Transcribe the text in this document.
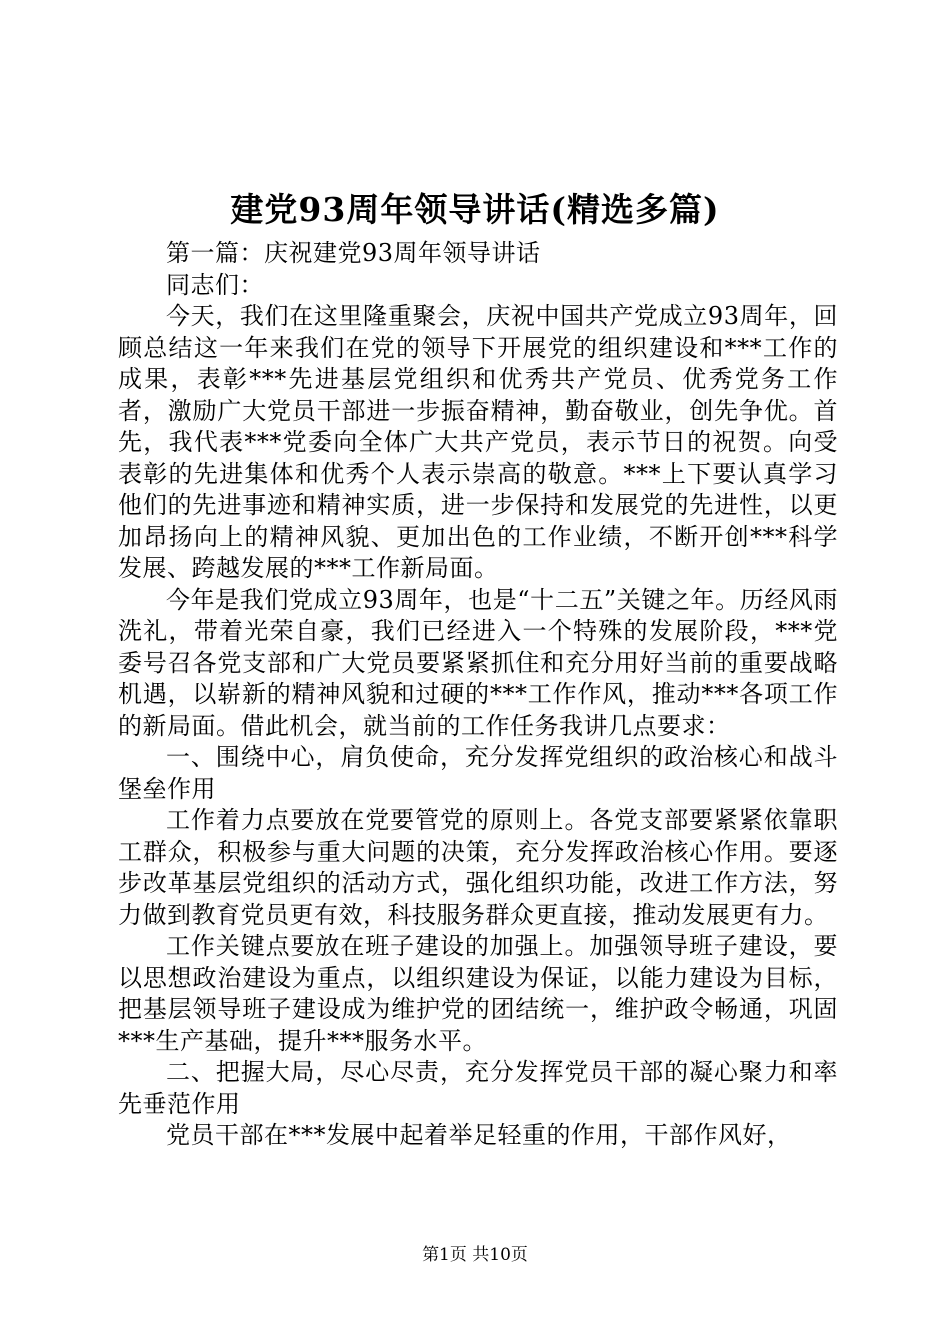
建党93周年领导讲话(精选多篇)

第一篇：庆祝建党93周年领导讲话

同志们：

今天，我们在这里隆重聚会，庆祝中国共产党成立93周年，回顾总结这一年来我们在党的领导下开展党的组织建设和***工作的成果，表彰***先进基层党组织和优秀共产党员、优秀党务工作者，激励广大党员干部进一步振奋精神，勤奋敬业，创先争优。首先，我代表***党委向全体广大共产党员，表示节日的祝贺。向受表彰的先进集体和优秀个人表示崇高的敬意。***上下要认真学习他们的先进事迹和精神实质，进一步保持和发展党的先进性，以更加昂扬向上的精神风貌、更加出色的工作业绩，不断开创***科学发展、跨越发展的***工作新局面。

今年是我们党成立93周年，也是“十二五”关键之年。历经风雨洗礼，带着光荣自豪，我们已经进入一个特殊的发展阶段，***党委号召各党支部和广大党员要紧紧抓住和充分用好当前的重要战略机遇，以崭新的精神风貌和过硬的***工作作风，推动***各项工作的新局面。借此机会，就当前的工作任务我讲几点要求：

一、围绕中心，肩负使命，充分发挥党组织的政治核心和战斗堡垒作用

工作着力点要放在党要管党的原则上。各党支部要紧紧依靠职工群众，积极参与重大问题的决策，充分发挥政治核心作用。要逐步改革基层党组织的活动方式，强化组织功能，改进工作方法，努力做到教育党员更有效，科技服务群众更直接，推动发展更有力。

工作关键点要放在班子建设的加强上。加强领导班子建设，要以思想政治建设为重点，以组织建设为保证，以能力建设为目标，把基层领导班子建设成为维护党的团结统一，维护政令畅通，巩固***生产基础，提升***服务水平。

二、把握大局，尽心尽责，充分发挥党员干部的凝心聚力和率先垂范作用

党员干部在***发展中起着举足轻重的作用，干部作风好，

第1页 共10页
